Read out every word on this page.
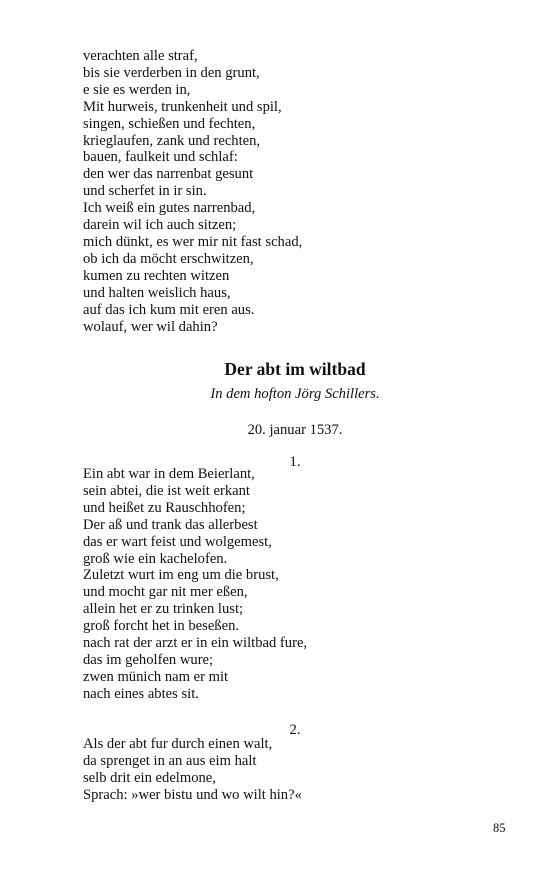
verachten alle straf,
bis sie verderben in den grunt,
e sie es werden in,
Mit hurweis, trunkenheit und spil,
singen, schießen und fechten,
krieglaufen, zank und rechten,
bauen, faulkeit und schlaf:
den wer das narrenbat gesunt
und scherfet in ir sin.
Ich weiß ein gutes narrenbad,
darein wil ich auch sitzen;
mich dünkt, es wer mir nit fast schad,
ob ich da möcht erschwitzen,
kumen zu rechten witzen
und halten weislich haus,
auf das ich kum mit eren aus.
wolauf, wer wil dahin?
Der abt im wiltbad
In dem hofton Jörg Schillers.
20. januar 1537.
1.
Ein abt war in dem Beierlant,
sein abtei, die ist weit erkant
und heißet zu Rauschhofen;
Der aß und trank das allerbest
das er wart feist und wolgemest,
groß wie ein kachelofen.
Zuletzt wurt im eng um die brust,
und mocht gar nit mer eßen,
allein het er zu trinken lust;
groß forcht het in beseßen.
nach rat der arzt er in ein wiltbad fure,
das im geholfen wure;
zwen münich nam er mit
nach eines abtes sit.
2.
Als der abt fur durch einen walt,
da sprenget in an aus eim halt
selb drit ein edelmone,
Sprach: »wer bistu und wo wilt hin?«
85
